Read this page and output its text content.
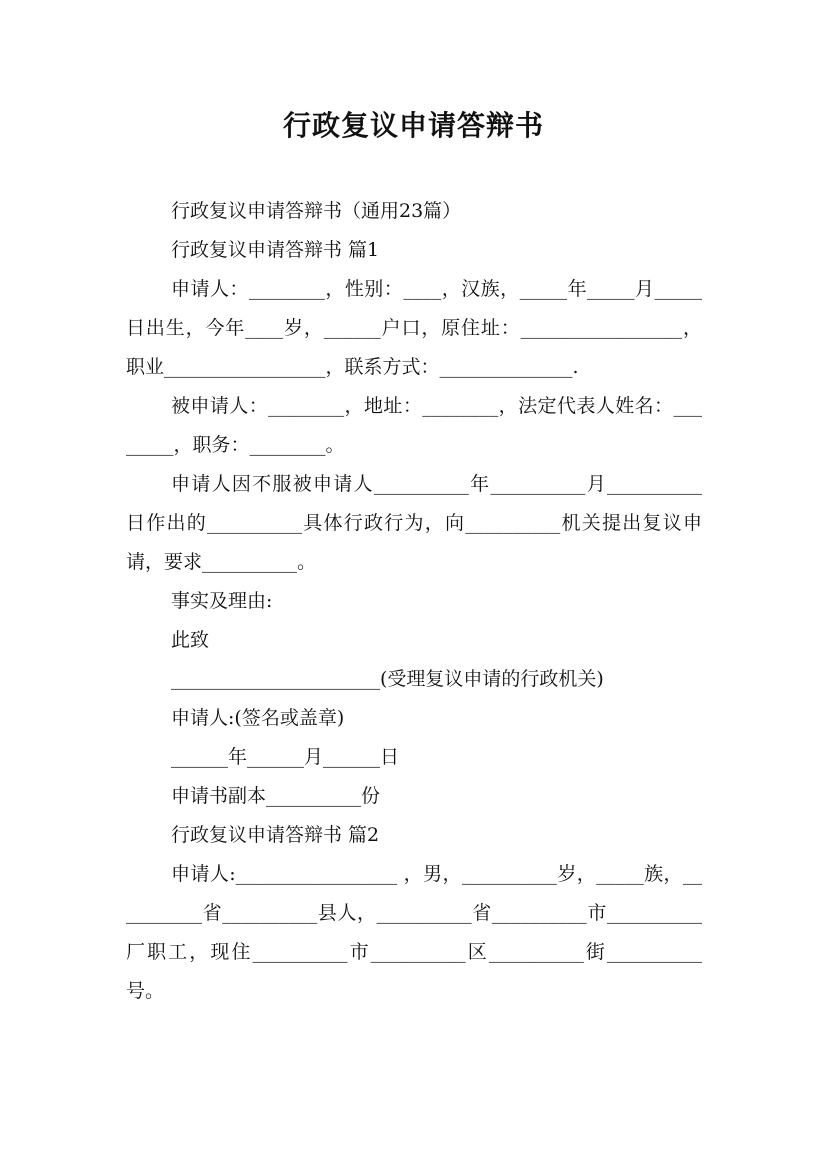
行政复议申请答辩书

行政复议申请答辩书（通用23篇）

行政复议申请答辩书 篇1

申请人：________，性别：____，汉族，_____年_____月_____日出生，今年____岁，______户口，原住址：_________________，职业_________________，联系方式：______________.

被申请人：________，地址：________，法定代表人姓名：________，职务：________。

申请人因不服被申请人__________年__________月__________日作出的__________具体行政行为，向__________机关提出复议申请，要求__________。

事实及理由:

此致

______________________(受理复议申请的行政机关)

申请人:(签名或盖章)

______年______月______日

申请书副本__________份

行政复议申请答辩书 篇2

申请人:_________________ ，男，__________岁，_____族，__________省__________县人，__________省__________市__________厂职工，现住__________市__________区__________街__________号。
